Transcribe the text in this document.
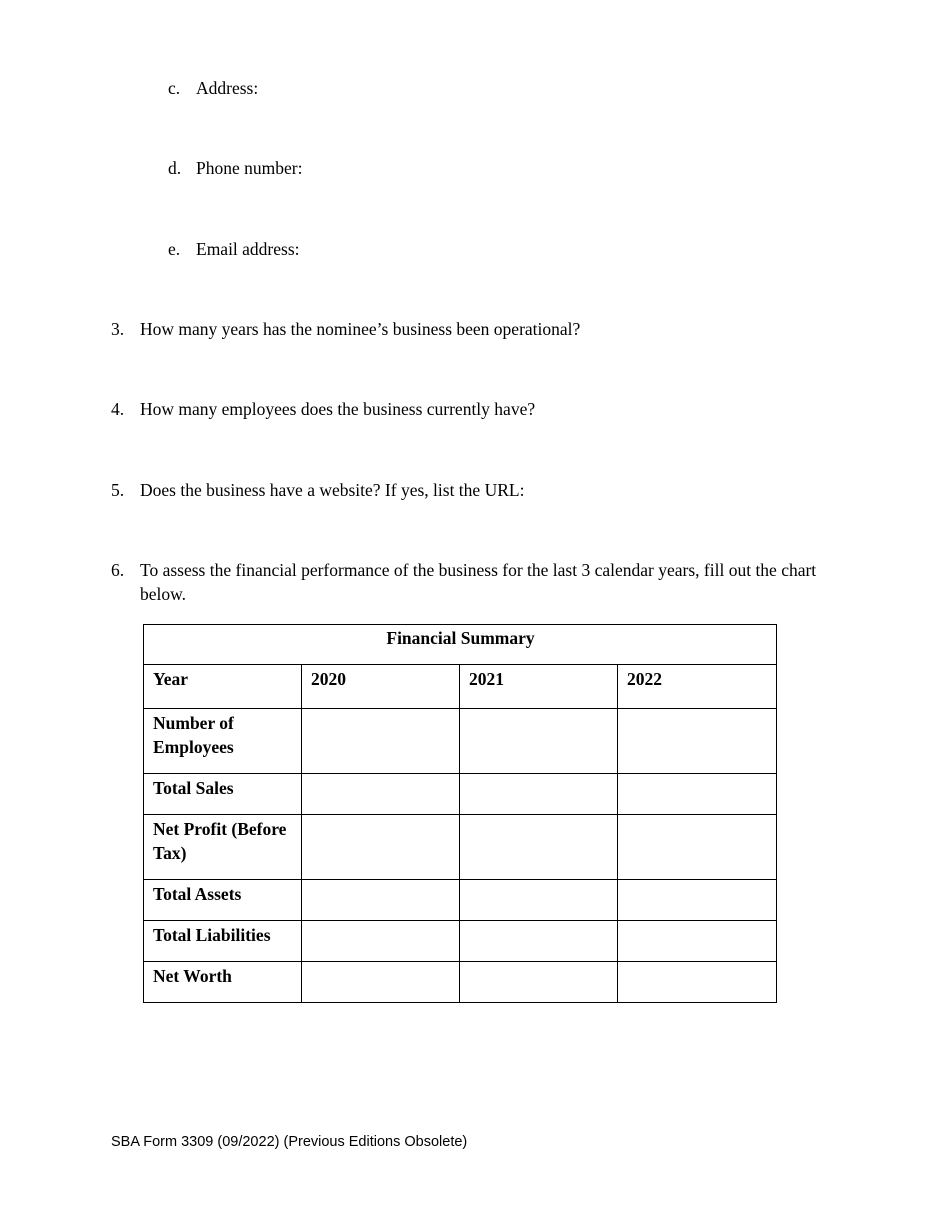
c. Address:
d. Phone number:
e. Email address:
3. How many years has the nominee’s business been operational?
4. How many employees does the business currently have?
5. Does the business have a website? If yes, list the URL:
6. To assess the financial performance of the business for the last 3 calendar years, fill out the chart below.
Financial Summary			
Year	2020	2021	2022
Number of Employees			
Total Sales			
Net Profit (Before Tax)			
Total Assets			
Total Liabilities			
Net Worth			
SBA Form 3309 (09/2022) (Previous Editions Obsolete)
